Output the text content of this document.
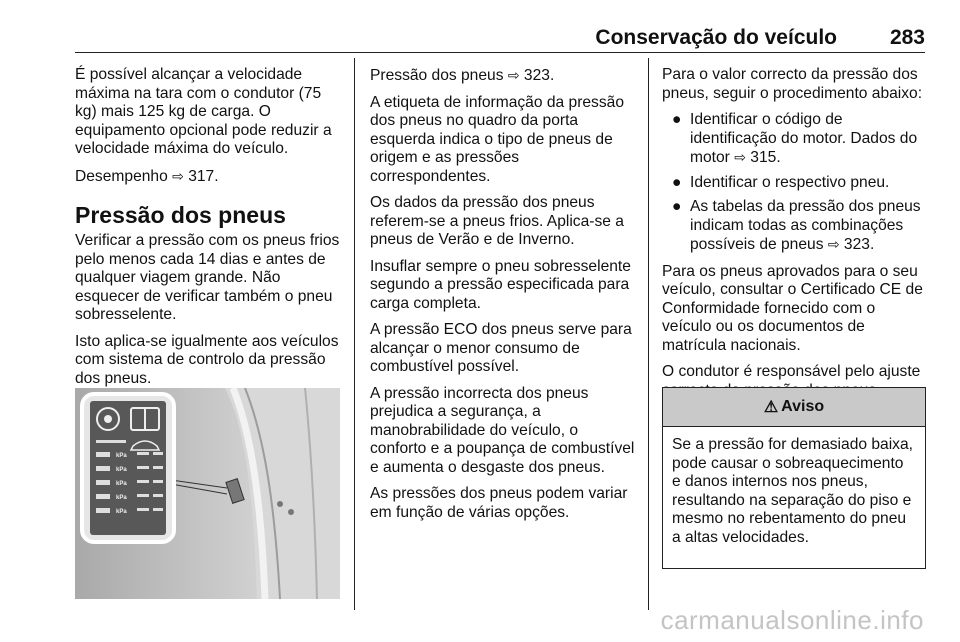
Conservação do veículo	283

É possível alcançar a velocidade máxima na tara com o condutor (75 kg) mais 125 kg de carga. O equipamento opcional pode reduzir a velocidade máxima do veículo.

Desempenho ⇨ 317.

Pressão dos pneus

Verificar a pressão com os pneus frios pelo menos cada 14 dias e antes de qualquer viagem grande. Não esquecer de verificar também o pneu sobresselente.

Isto aplica-se igualmente aos veículos com sistema de controlo da pressão dos pneus.

kPa
kPa
kPa
kPa
kPa

Pressão dos pneus ⇨ 323.

A etiqueta de informação da pressão dos pneus no quadro da porta esquerda indica o tipo de pneus de origem e as pressões correspondentes.

Os dados da pressão dos pneus referem-se a pneus frios. Aplica-se a pneus de Verão e de Inverno.

Insuflar sempre o pneu sobresselente segundo a pressão especificada para carga completa.

A pressão ECO dos pneus serve para alcançar o menor consumo de combustível possível.

A pressão incorrecta dos pneus prejudica a segurança, a manobrabilidade do veículo, o conforto e a poupança de combustível e aumenta o desgaste dos pneus.

As pressões dos pneus podem variar em função de várias opções.

Para o valor correcto da pressão dos pneus, seguir o procedimento abaixo:

● Identificar o código de identificação do motor. Dados do motor ⇨ 315.
● Identificar o respectivo pneu.
● As tabelas da pressão dos pneus indicam todas as combinações possíveis de pneus ⇨ 323.

Para os pneus aprovados para o seu veículo, consultar o Certificado CE de Conformidade fornecido com o veículo ou os documentos de matrícula nacionais.

O condutor é responsável pelo ajuste

⚠ Aviso
Se a pressão for demasiado baixa, pode causar o sobreaquecimento e danos internos nos pneus, resultando na separação do piso e mesmo no rebentamento do pneu a altas velocidades.
carmanualsonline.info
